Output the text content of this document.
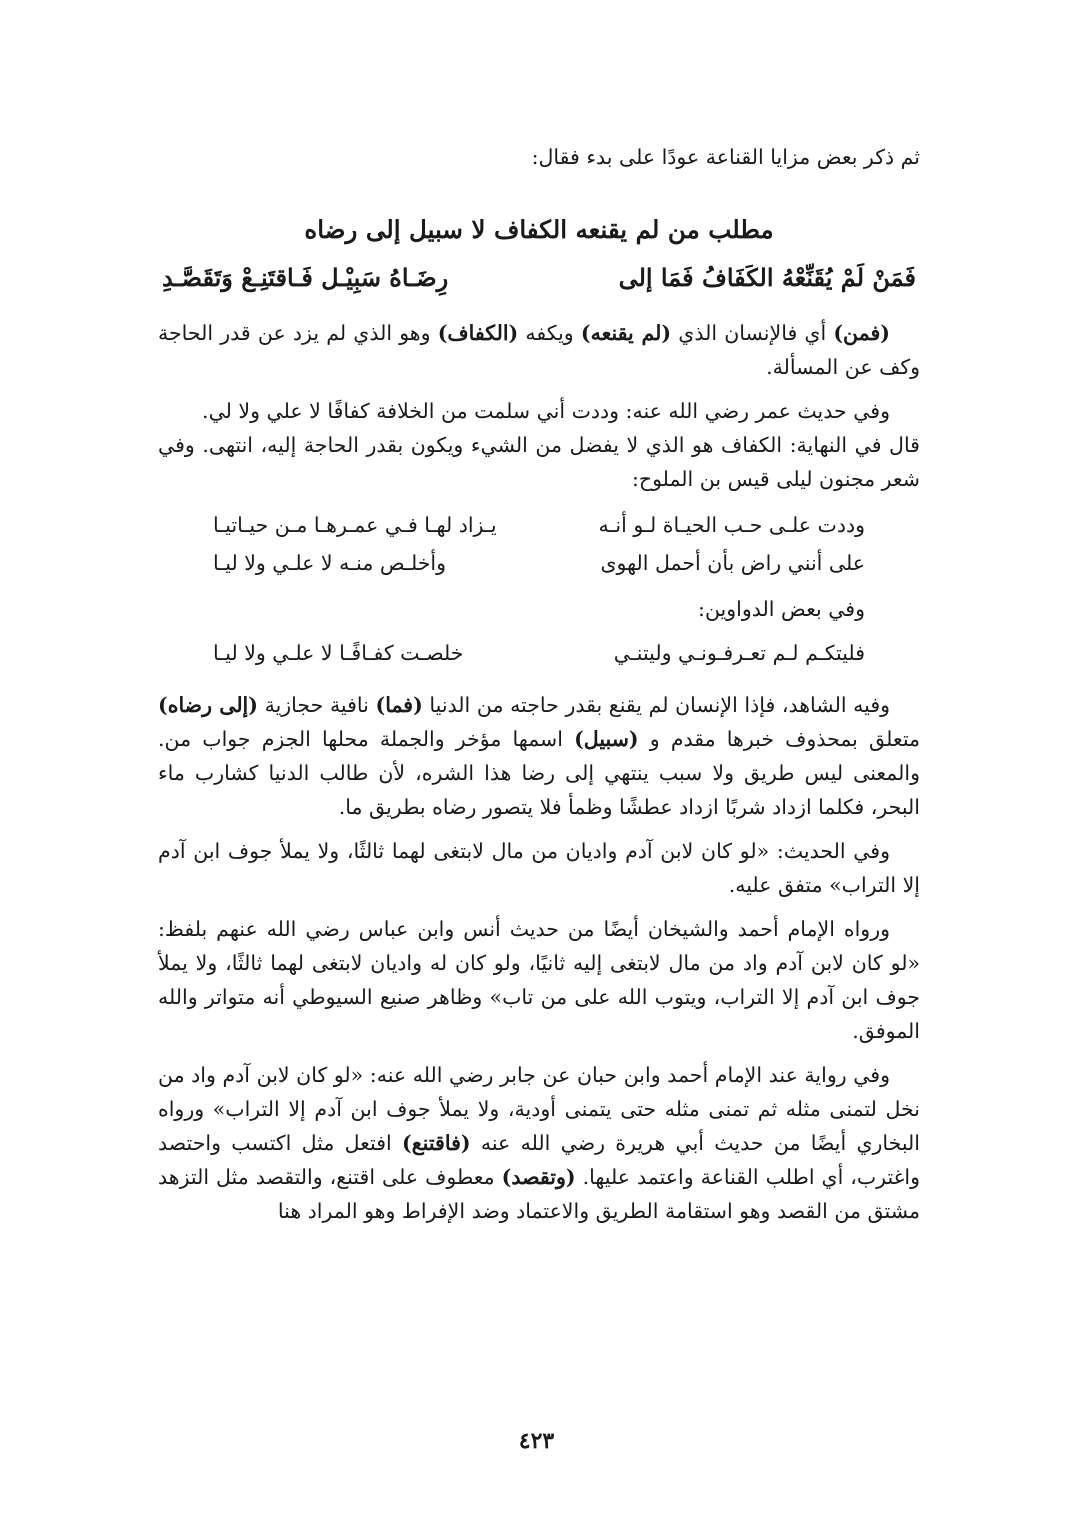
ثم ذكر بعض مزايا القناعة عودًا على بدء فقال:

مطلب من لم يقنعه الكفاف لا سبيل إلى رضاه
فَمَنْ لَمْ يُقَنِّعْهُ الكَفَافُ فَمَا إلى
رِضَـاهُ سَبِيْـل فَـاقتَنِـعْ وَتَقَصَّـدِ

(فمن) أي فالإنسان الذي (لم يقنعه) ويكفه (الكفاف) وهو الذي لم يزد عن قدر الحاجة وكف عن المسألة.

وفي حديث عمر رضي الله عنه: وددت أني سلمت من الخلافة كفافًا لا علي ولا لي.

قال في النهاية: الكفاف هو الذي لا يفضل من الشيء ويكون بقدر الحاجة إليه، انتهى. وفي شعر مجنون ليلى قيس بن الملوح:

وددت علـى حـب الحيـاة لـو أنـه
يـزاد لهـا فـي عمـرهـا مـن حيـاتيـا
على أنني راض بأن أحمل الهوى
وأخلـص منـه لا علـي ولا ليـا
وفي بعض الدواوين:
فليتكـم لـم تعـرفـونـي وليتنـي
خلصـت كفـافًـا لا علـي ولا ليـا

وفيه الشاهد، فإذا الإنسان لم يقنع بقدر حاجته من الدنيا (فما) نافية حجازية (إلى رضاه) متعلق بمحذوف خبرها مقدم و (سبيل) اسمها مؤخر والجملة محلها الجزم جواب من. والمعنى ليس طريق ولا سبب ينتهي إلى رضا هذا الشره، لأن طالب الدنيا كشارب ماء البحر، فكلما ازداد شربًا ازداد عطشًا وظمأ فلا يتصور رضاه بطريق ما.

وفي الحديث: «لو كان لابن آدم واديان من مال لابتغى لهما ثالثًا، ولا يملأ جوف ابن آدم إلا التراب» متفق عليه.

ورواه الإمام أحمد والشيخان أيضًا من حديث أنس وابن عباس رضي الله عنهم بلفظ: «لو كان لابن آدم واد من مال لابتغى إليه ثانيًا، ولو كان له واديان لابتغى لهما ثالثًا، ولا يملأ جوف ابن آدم إلا التراب، ويتوب الله على من تاب» وظاهر صنيع السيوطي أنه متواتر والله الموفق.

وفي رواية عند الإمام أحمد وابن حبان عن جابر رضي الله عنه: «لو كان لابن آدم واد من نخل لتمنى مثله ثم تمنى مثله حتى يتمنى أودية، ولا يملأ جوف ابن آدم إلا التراب» ورواه البخاري أيضًا من حديث أبي هريرة رضي الله عنه (فاقتنع) افتعل مثل اكتسب واحتصد واغترب، أي اطلب القناعة واعتمد عليها. (وتقصد) معطوف على اقتنع، والتقصد مثل التزهد مشتق من القصد وهو استقامة الطريق والاعتماد وضد الإفراط وهو المراد هنا

٤٢٣
